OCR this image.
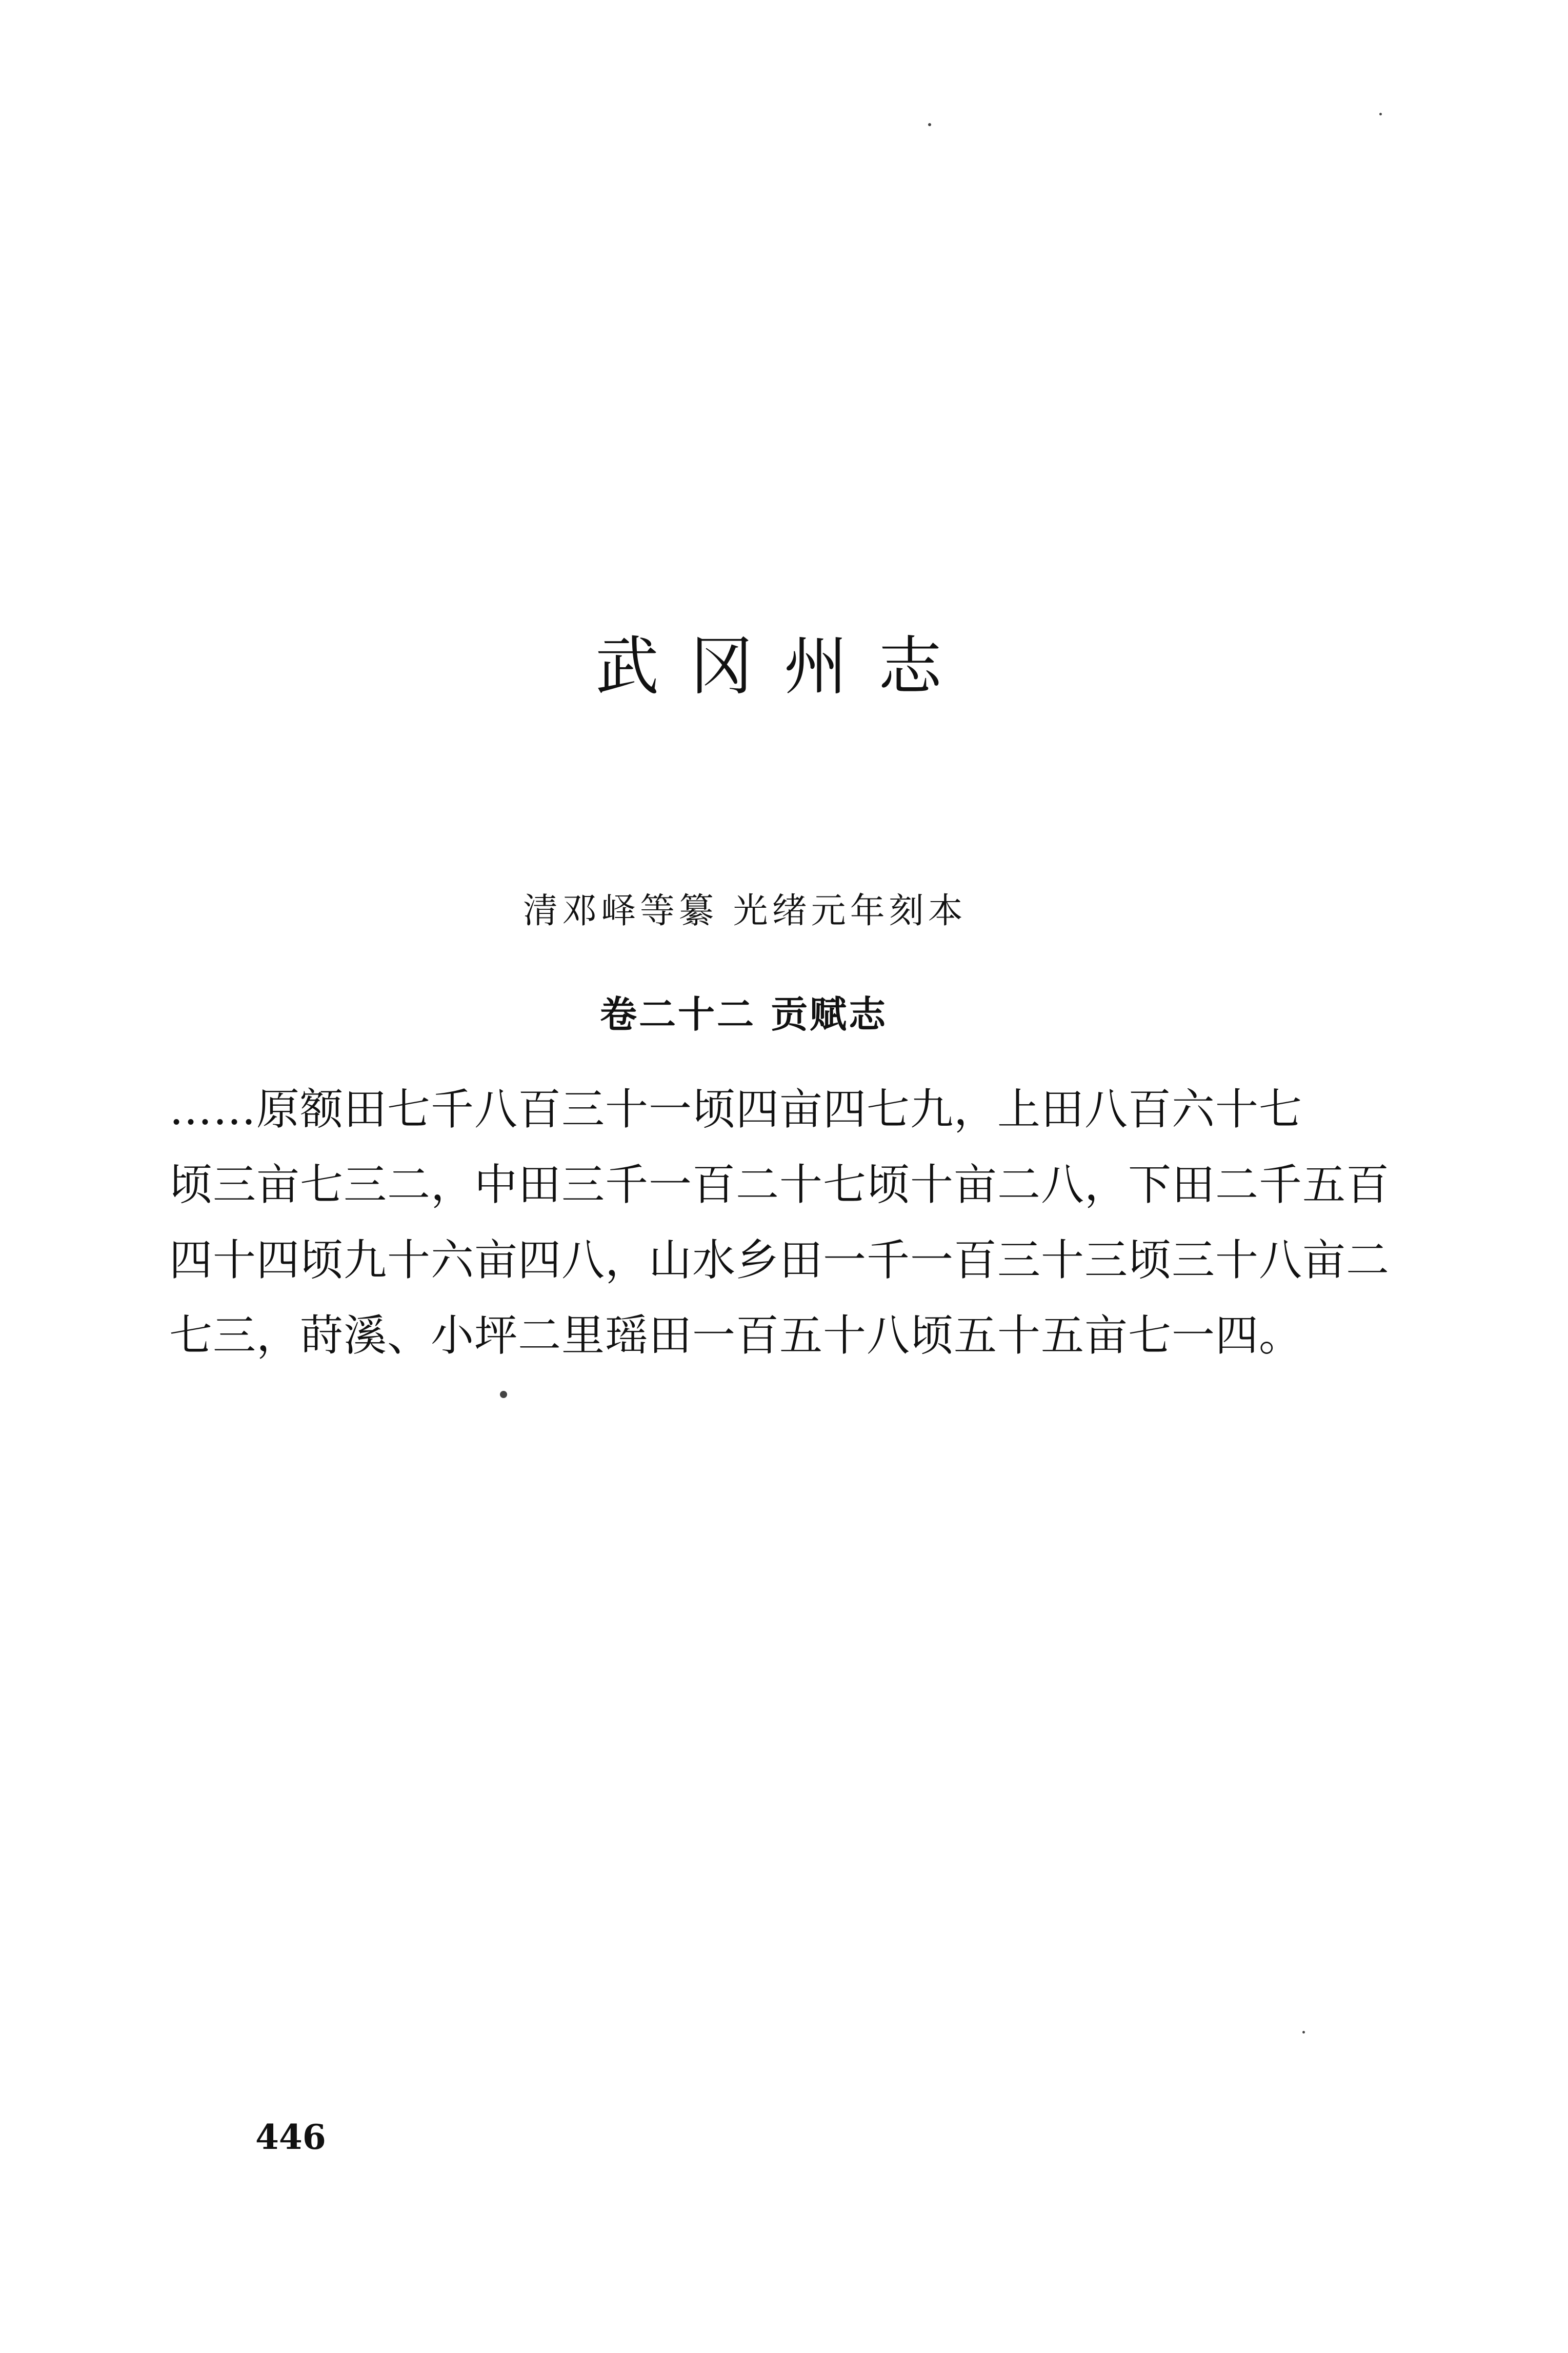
武冈州志
清邓峄等纂 光绪元年刻本
卷二十二 贡赋志
……原额田七千八百三十一顷四亩四七九，上田八百六十七
顷三亩七三二，中田三千一百二十七顷十亩二八，下田二千五百
四十四顷九十六亩四八，山水乡田一千一百三十三顷三十八亩二
七三，莳溪、小坪二里瑶田一百五十八顷五十五亩七一四。
446
